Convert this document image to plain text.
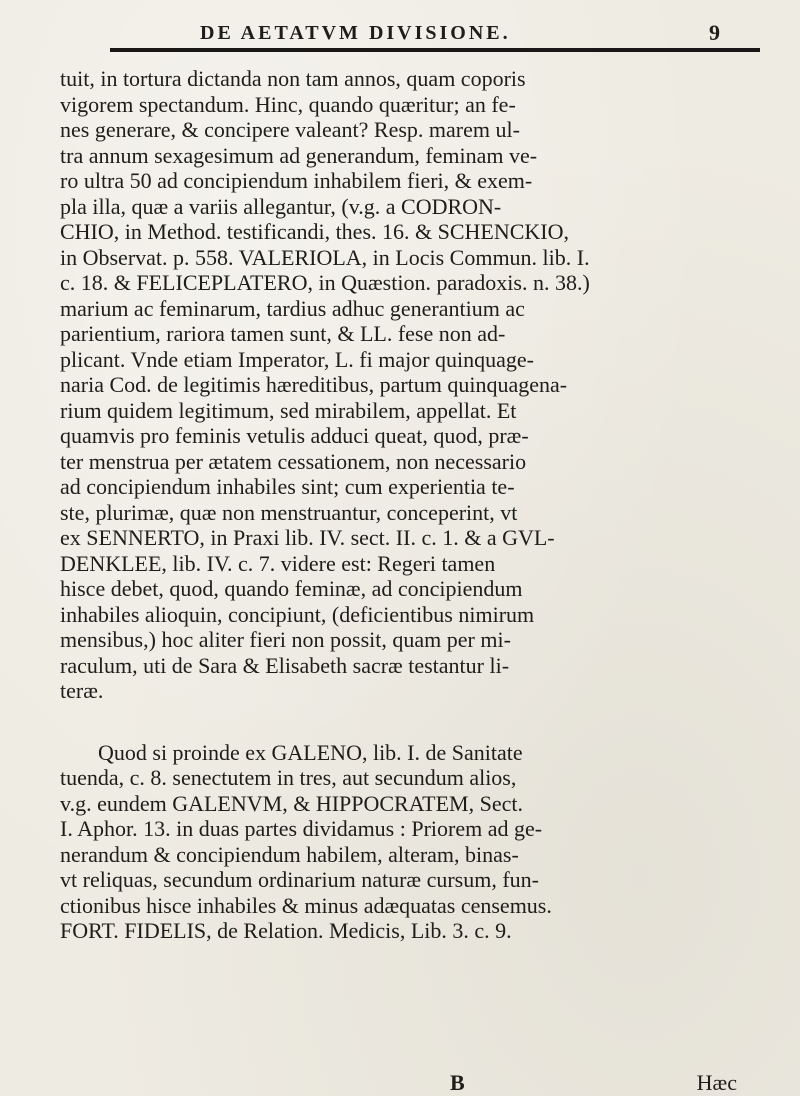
DE AETATVM DIVISIONE.	9
tuit, in tortura dictanda non tam annos, quam coporis
vigorem spectandum. Hinc, quando quæritur; an fe-
nes generare, & concipere valeant? Resp. marem ul-
tra annum sexagesimum ad generandum, feminam ve-
ro ultra 50 ad concipiendum inhabilem fieri, & exem-
pla illa, quæ a variis allegantur, (v.g. a CODRON-
CHIO, in Method. testificandi, thes. 16. & SCHENCKIO,
in Observat. p. 558. VALERIOLA, in Locis Commun. lib. I.
c. 18. & FELICEPLATERO, in Quæstion. paradoxis. n. 38.)
marium ac feminarum, tardius adhuc generantium ac
parientium, rariora tamen sunt, & LL. fese non ad-
plicant. Vnde etiam Imperator, L. fi major quinquage-
naria Cod. de legitimis hæreditibus, partum quinquagena-
rium quidem legitimum, sed mirabilem, appellat. Et
quamvis pro feminis vetulis adduci queat, quod, præ-
ter menstrua per ætatem cessationem, non necessario
ad concipiendum inhabiles sint; cum experientia te-
ste, plurimæ, quæ non menstruantur, conceperint, vt
ex SENNERTO, in Praxi lib. IV. sect. II. c. 1. & a GVL-
DENKLEE, lib. IV. c. 7. videre est: Regeri tamen
hisce debet, quod, quando feminæ, ad concipiendum
inhabiles alioquin, concipiunt, (deficientibus nimirum
mensibus,) hoc aliter fieri non possit, quam per mi-
raculum, uti de Sara & Elisabeth sacræ testantur li-
teræ.
Quod si proinde ex GALENO, lib. I. de Sanitate
tuenda, c. 8. senectutem in tres, aut secundum alios,
v.g. eundem GALENVM, & HIPPOCRATEM, Sect.
I. Aphor. 13. in duas partes dividamus : Priorem ad ge-
nerandum & concipiendum habilem, alteram, binas-
vt reliquas, secundum ordinarium naturæ cursum, fun-
ctionibus hisce inhabiles & minus adæquatas censemus.
FORT. FIDELIS, de Relation. Medicis, Lib. 3. c. 9.
B	Hæc
